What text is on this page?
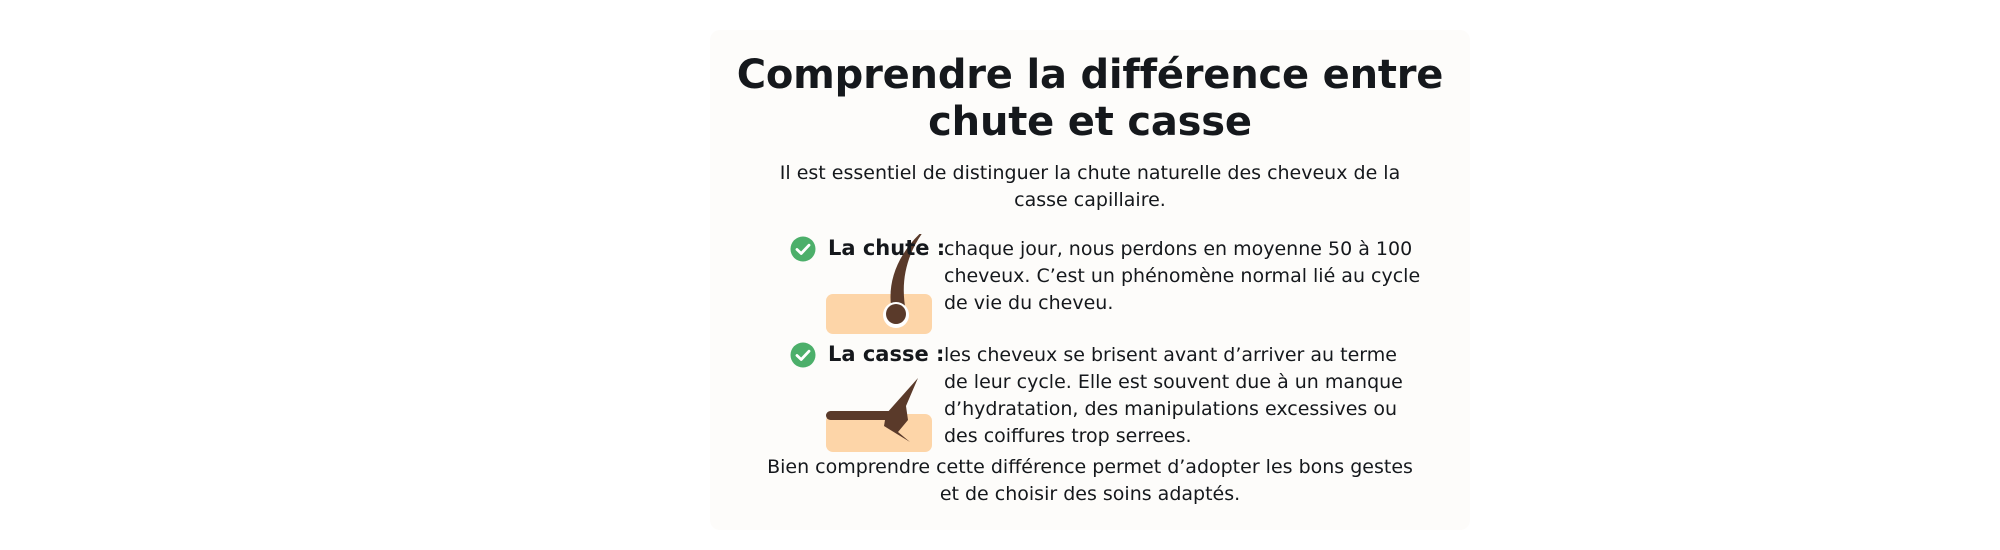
Comprendre la différence entre chute et casse

Il est essentiel de distinguer la chute naturelle des cheveux de la casse capillaire.

La chute :

chaque jour, nous perdons en moyenne 50 à 100 cheveux. C’est un phénomène normal lié au cycle de vie du cheveu.

La casse : les cheveux se brisent avant d’arriver au terme de leur cycle. Elle est souvent due à un manque d’hydratation, des manipulations excessives ou des coiffures trop serrees.

Bien comprendre cette différence permet d’adopter les bons gestes et de choisir des soins adaptés.
